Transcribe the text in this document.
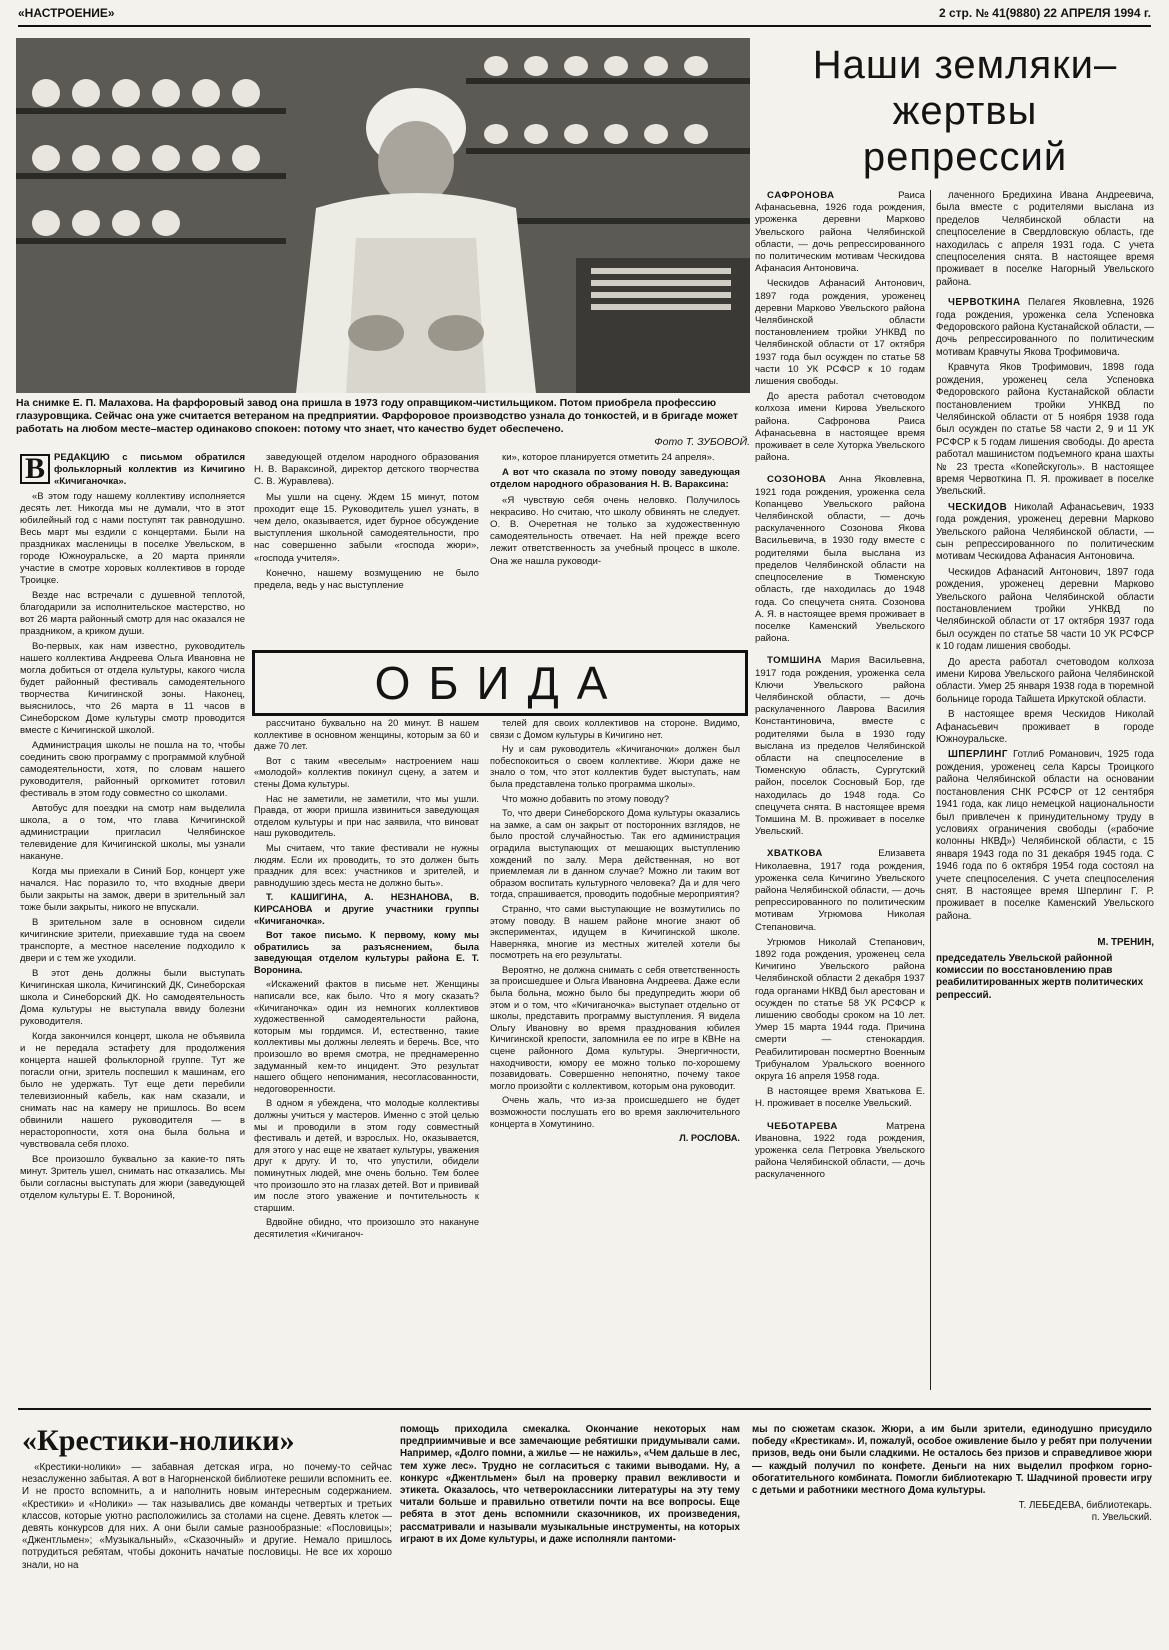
«НАСТРОЕНИЕ»	2 стр. № 41(9880) 22 АПРЕЛЯ 1994 г.
На снимке Е. П. Малахова. На фарфоровый завод она пришла в 1973 году оправщиком-чистильщиком. Потом приобрела профессию глазуровщика. Сейчас она уже считается ветераном на предприятии. Фарфоровое производство узнала до тонкостей, и в бригаде может работать на любом месте–мастер одинаково спокоен: потому что знает, что качество будет обеспечено.
Фото Т. ЗУБОВОЙ.
Наши земляки–
жертвы
репрессий

САФРОНОВА Раиса Афанасьевна, 1926 года рождения, уроженка деревни Марково Увельского района Челябинской области, — дочь репрессированного по политическим мотивам Ческидова Афанасия Антоновича.

Ческидов Афанасий Антонович, 1897 года рождения, уроженец деревни Марково Увельского района Челябинской области постановлением тройки УНКВД по Челябинской области от 17 октября 1937 года был осужден по статье 58 части 10 УК РСФСР к 10 годам лишения свободы.

До ареста работал счетоводом колхоза имени Кирова Увельского района. Сафронова Раиса Афанасьевна в настоящее время проживает в селе Хуторка Увельского района.

СОЗОНОВА Анна Яковлевна, 1921 года рождения, уроженка села Копанцево Увельского района Челябинской области, — дочь раскулаченного Созонова Якова Васильевича, в 1930 году вместе с родителями была выслана из пределов Челябинской области на спецпоселение в Тюменскую область, где находилась до 1948 года. Со спецучета снята. Созонова А. Я. в настоящее время проживает в поселке Каменский Увельского района.

ТОМШИНА Мария Васильевна, 1917 года рождения, уроженка села Ключи Увельского района Челябинской области, — дочь раскулаченного Лаврова Василия Константиновича, вместе с родителями была в 1930 году выслана из пределов Челябинской области на спецпоселение в Тюменскую область, Сургутский район, поселок Сосновый Бор, где находилась до 1948 года. Со спецучета снята. В настоящее время Томшина М. В. проживает в поселке Увельский.

ХВАТКОВА Елизавета Николаевна, 1917 года рождения, уроженка села Кичигино Увельского района Челябинской области, — дочь репрессированного по политическим мотивам Угрюмова Николая Степановича.

Угрюмов Николай Степанович, 1892 года рождения, уроженец села Кичигино Увельского района Челябинской области 2 декабря 1937 года органами НКВД был арестован и осужден по статье 58 УК РСФСР к лишению свободы сроком на 10 лет. Умер 15 марта 1944 года. Причина смерти — стенокардия. Реабилитирован посмертно Военным Трибуналом Уральского военного округа 16 апреля 1958 года.

В настоящее время Хватькова Е. Н. проживает в поселке Увельский.

ЧЕБОТАРЕВА Матрена Ивановна, 1922 года рождения, уроженка села Петровка Увельского района Челябинской области, — дочь раскулаченного

лаченного Бредихина Ивана Андреевича, была вместе с родителями выслана из пределов Челябинской области на спецпоселение в Свердловскую область, где находилась с апреля 1931 года. С учета спецпоселения снята. В настоящее время проживает в поселке Нагорный Увельского района.

ЧЕРВОТКИНА Пелагея Яковлевна, 1926 года рождения, уроженка села Успеновка Федоровского района Кустанайской области, — дочь репрессированного по политическим мотивам Кравчуты Якова Трофимовича.

Кравчута Яков Трофимович, 1898 года рождения, уроженец села Успеновка Федоровского района Кустанайской области постановлением тройки УНКВД по Челябинской области от 5 ноября 1938 года был осужден по статье 58 части 2, 9 и 11 УК РСФСР к 5 годам лишения свободы. До ареста работал машинистом подъемного крана шахты № 23 треста «Копейскуголь». В настоящее время Червоткина П. Я. проживает в поселке Увельский.

ЧЕСКИДОВ Николай Афанасьевич, 1933 года рождения, уроженец деревни Марково Увельского района Челябинской области, — сын репрессированного по политическим мотивам Ческидова Афанасия Антоновича.

Ческидов Афанасий Антонович, 1897 года рождения, уроженец деревни Марково Увельского района Челябинской области постановлением тройки УНКВД по Челябинской области от 17 октября 1937 года был осужден по статье 58 части 10 УК РСФСР к 10 годам лишения свободы.

До ареста работал счетоводом колхоза имени Кирова Увельского района Челябинской области. Умер 25 января 1938 года в тюремной больнице города Тайшета Иркутской области.

В настоящее время Ческидов Николай Афанасьевич проживает в городе Южноуральске.

ШПЕРЛИНГ Готлиб Романович, 1925 года рождения, уроженец села Карсы Троицкого района Челябинской области на основании постановления СНК РСФСР от 12 сентября 1941 года, как лицо немецкой национальности был привлечен к принудительному труду в условиях ограничения свободы («рабочие колонны НКВД») Челябинской области, с 15 января 1943 года по 31 декабря 1945 года. С 1946 года по 6 октября 1954 года состоял на учете спецпоселения. С учета спецпоселения снят. В настоящее время Шперлинг Г. Р. проживает в поселке Каменский Увельского района.

М. ТРЕНИН,

председатель Увельской районной комиссии по восстановлению прав реабилитированных жертв политических репрессий.

В РЕДАКЦИЮ с письмом обратился фольклорный коллектив из Кичигино «Кичиганочка».

«В этом году нашему коллективу исполняется десять лет. Никогда мы не думали, что в этот юбилейный год с нами поступят так равнодушно. Весь март мы ездили с концертами. Были на праздниках масленицы в поселке Увельском, в городе Южноуральске, а 20 марта приняли участие в смотре хоровых коллективов в городе Троицке.

Везде нас встречали с душевной теплотой, благодарили за исполнительское мастерство, но вот 26 марта районный смотр для нас оказался не праздником, а криком души.

Во-первых, как нам известно, руководитель нашего коллектива Андреева Ольга Ивановна не могла добиться от отдела культуры, какого числа будет районный фестиваль самодеятельного творчества Кичигинской зоны. Наконец, выяснилось, что 26 марта в 11 часов в Синеборском Доме культуры смотр проводится вместе с Кичигинской школой.

Администрация школы не пошла на то, чтобы соединить свою программу с программой клубной самодеятельности, хотя, по словам нашего руководителя, районный оргкомитет готовил фестиваль в этом году совместно со школами.

Автобус для поездки на смотр нам выделила школа, а о том, что глава Кичигинской администрации пригласил Челябинское телевидение для Кичигинской школы, мы узнали накануне.

Когда мы приехали в Синий Бор, концерт уже начался. Нас поразило то, что входные двери были закрыты на замок, двери в зрительный зал тоже были закрыты, никого не впускали.

В зрительном зале в основном сидели кичигинские зрители, приехавшие туда на своем транспорте, а местное население подходило к двери и с тем же уходили.

В этот день должны были выступать Кичигинская школа, Кичигинский ДК, Синеборская школа и Синеборский ДК. Но самодеятельность Дома культуры не выступала ввиду болезни руководителя.

Когда закончился концерт, школа не объявила и не передала эстафету для продолжения концерта нашей фольклорной группе. Тут же погасли огни, зритель поспешил к машинам, его было не удержать. Тут еще дети перебили телевизионный кабель, как нам сказали, и снимать нас на камеру не пришлось. Во всем обвинили нашего руководителя — в нерасторопности, хотя она была больна и чувствовала себя плохо.

Все произошло буквально за какие-то пять минут. Зритель ушел, снимать нас отказались. Мы были согласны выступать для жюри (заведующей отделом культуры Е. Т. Ворониной,

заведующей отделом народного образования Н. В. Вараксиной, директор детского творчества С. В. Журавлева).

Мы ушли на сцену. Ждем 15 минут, потом проходит еще 15. Руководитель ушел узнать, в чем дело, оказывается, идет бурное обсуждение выступления школьной самодеятельности, про нас совершенно забыли «господа жюри», «господа учителя».

Конечно, нашему возмущению не было предела, ведь у нас выступление

ки», которое планируется отметить 24 апреля».

А вот что сказала по этому поводу заведующая отделом народного образования Н. В. Вараксина:

«Я чувствую себя очень неловко. Получилось некрасиво. Но считаю, что школу обвинять не следует. О. В. Очеретная не только за художественную самодеятельность отвечает. На ней прежде всего лежит ответственность за учебный процесс в школе. Она же нашла руководи-

ОБИДА

рассчитано буквально на 20 минут. В нашем коллективе в основном женщины, которым за 60 и даже 70 лет.

Вот с таким «веселым» настроением наш «молодой» коллектив покинул сцену, а затем и стены Дома культуры.

Нас не заметили, не заметили, что мы ушли. Правда, от жюри пришла извиниться заведующая отделом культуры и при нас заявила, что виноват наш руководитель.

Мы считаем, что такие фестивали не нужны людям. Если их проводить, то это должен быть праздник для всех: участников и зрителей, и равнодушию здесь места не должно быть».

Т. КАШИГИНА, А. НЕЗНАНОВА, В. КИРСАНОВА и другие участники группы «Кичиганочка».

Вот такое письмо. К первому, кому мы обратились за разъяснением, была заведующая отделом культуры района Е. Т. Воронина.

«Искажений фактов в письме нет. Женщины написали все, как было. Что я могу сказать? «Кичиганочка» один из немногих коллективов художественной самодеятельности района, которым мы гордимся. И, естественно, такие коллективы мы должны лелеять и беречь. Все, что произошло во время смотра, не преднамеренно задуманный кем-то инцидент. Это результат нашего общего непонимания, несогласованности, недоговоренности.

В одном я убеждена, что молодые коллективы должны учиться у мастеров. Именно с этой целью мы и проводили в этом году совместный фестиваль и детей, и взрослых. Но, оказывается, для этого у нас еще не хватает культуры, уважения друг к другу. И то, что упустили, обидели поминутных людей, мне очень больно. Тем более что произошло это на глазах детей. Вот и прививай им после этого уважение и почтительность к старшим.

Вдвойне обидно, что произошло это накануне десятилетия «Кичиганоч-

телей для своих коллективов на стороне. Видимо, связи с Домом культуры в Кичигино нет.

Ну и сам руководитель «Кичиганочки» должен был побеспокоиться о своем коллективе. Жюри даже не знало о том, что этот коллектив будет выступать, нам была представлена только программа школы».

Что можно добавить по этому поводу?

То, что двери Синеборского Дома культуры оказались на замке, а сам он закрыт от посторонних взглядов, не было простой случайностью. Так его администрация оградила выступающих от мешающих выступлению хождений по залу. Мера действенная, но вот приемлемая ли в данном случае? Можно ли таким вот образом воспитать культурного человека? Да и для чего тогда, спрашивается, проводить подобные мероприятия?

Странно, что сами выступающие не возмутились по этому поводу. В нашем районе многие знают об экспериментах, идущем в Кичигинской школе. Наверняка, многие из местных жителей хотели бы посмотреть на его результаты.

Вероятно, не должна снимать с себя ответственность за происшедшее и Ольга Ивановна Андреева. Даже если была больна, можно было бы предупредить жюри об этом и о том, что «Кичиганочка» выступает отдельно от школы, представить программу выступления. Я видела Ольгу Ивановну во время празднования юбилея Кичигинской крепости, запомнила ее по игре в КВНе на сцене районного Дома культуры. Энергичности, находчивости, юмору ее можно только по-хорошему позавидовать. Совершенно непонятно, почему такое могло произойти с коллективом, которым она руководит.

Очень жаль, что из-за происшедшего не будет возможности послушать его во время заключительного концерта в Хомутинино.

Л. РОСЛОВА.

«Крестики-нолики»

«Крестики-нолики» — забавная детская игра, но почему-то сейчас незаслуженно забытая. А вот в Нагорненской библиотеке решили вспомнить ее. И не просто вспомнить, а и наполнить новым интересным содержанием. «Крестики» и «Нолики» — так назывались две команды четвертых и третьих классов, которые уютно расположились за столами на сцене. Девять клеток — девять конкурсов для них. А они были самые разнообразные: «Пословицы»; «Джентльмен»; «Музыкальный», «Сказочный» и другие. Немало пришлось потрудиться ребятам, чтобы доконить начатые пословицы. Не все их хорошо знали, но на

помощь приходила смекалка. Окончание некоторых нам предприимчивые и все замечающие ребятишки придумывали сами. Например, «Долго помни, а жилье — не нажиль», «Чем дальше в лес, тем хуже лес». Трудно не согласиться с такими выводами. Ну, а конкурс «Джентльмен» был на проверку правил вежливости и этикета. Оказалось, что четвероклассники литературы на эту тему читали больше и правильно ответили почти на все вопросы. Еще ребята в этот день вспомнили сказочников, их произведения, рассматривали и называли музыкальные инструменты, на которых играют в их Доме культуры, и даже исполняли пантоми-

мы по сюжетам сказок. Жюри, а им были зрители, единодушно присудило победу «Крестикам». И, пожалуй, особое оживление было у ребят при получении призов, ведь они были сладкими. Не осталось без призов и справедливое жюри — каждый получил по конфете. Деньги на них выделил профком горно-обогатительного комбината. Помогли библиотекарю Т. Шадчиной провести игру с детьми и работники местного Дома культуры.

Т. ЛЕБЕДЕВА, библиотекарь.

п. Увельский.
